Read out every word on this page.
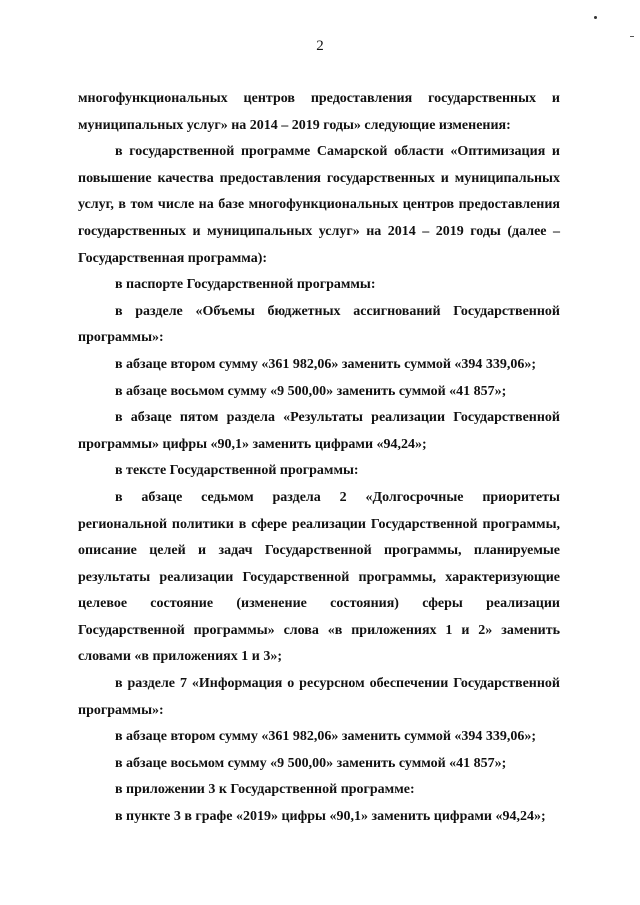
2

многофункциональных центров предоставления государственных и муниципальных услуг» на 2014 – 2019 годы» следующие изменения:

в государственной программе Самарской области «Оптимизация и повышение качества предоставления государственных и муниципальных услуг, в том числе на базе многофункциональных центров предоставления государственных и муниципальных услуг» на 2014 – 2019 годы (далее – Государственная программа):

в паспорте Государственной программы:

в разделе «Объемы бюджетных ассигнований Государственной программы»:

в абзаце втором сумму «361 982,06» заменить суммой «394 339,06»;

в абзаце восьмом сумму «9 500,00» заменить суммой «41 857»;

в абзаце пятом раздела «Результаты реализации Государственной программы» цифры «90,1» заменить цифрами «94,24»;

в тексте Государственной программы:

в абзаце седьмом раздела 2 «Долгосрочные приоритеты региональной политики в сфере реализации Государственной программы, описание целей и задач Государственной программы, планируемые результаты реализации Государственной программы, характеризующие целевое состояние (изменение состояния) сферы реализации Государственной программы» слова «в приложениях 1 и 2» заменить словами «в приложениях 1 и 3»;

в разделе 7 «Информация о ресурсном обеспечении Государственной программы»:

в абзаце втором сумму «361 982,06» заменить суммой «394 339,06»;

в абзаце восьмом сумму «9 500,00» заменить суммой «41 857»;

в приложении 3 к Государственной программе:

в пункте 3 в графе «2019» цифры «90,1» заменить цифрами «94,24»;
